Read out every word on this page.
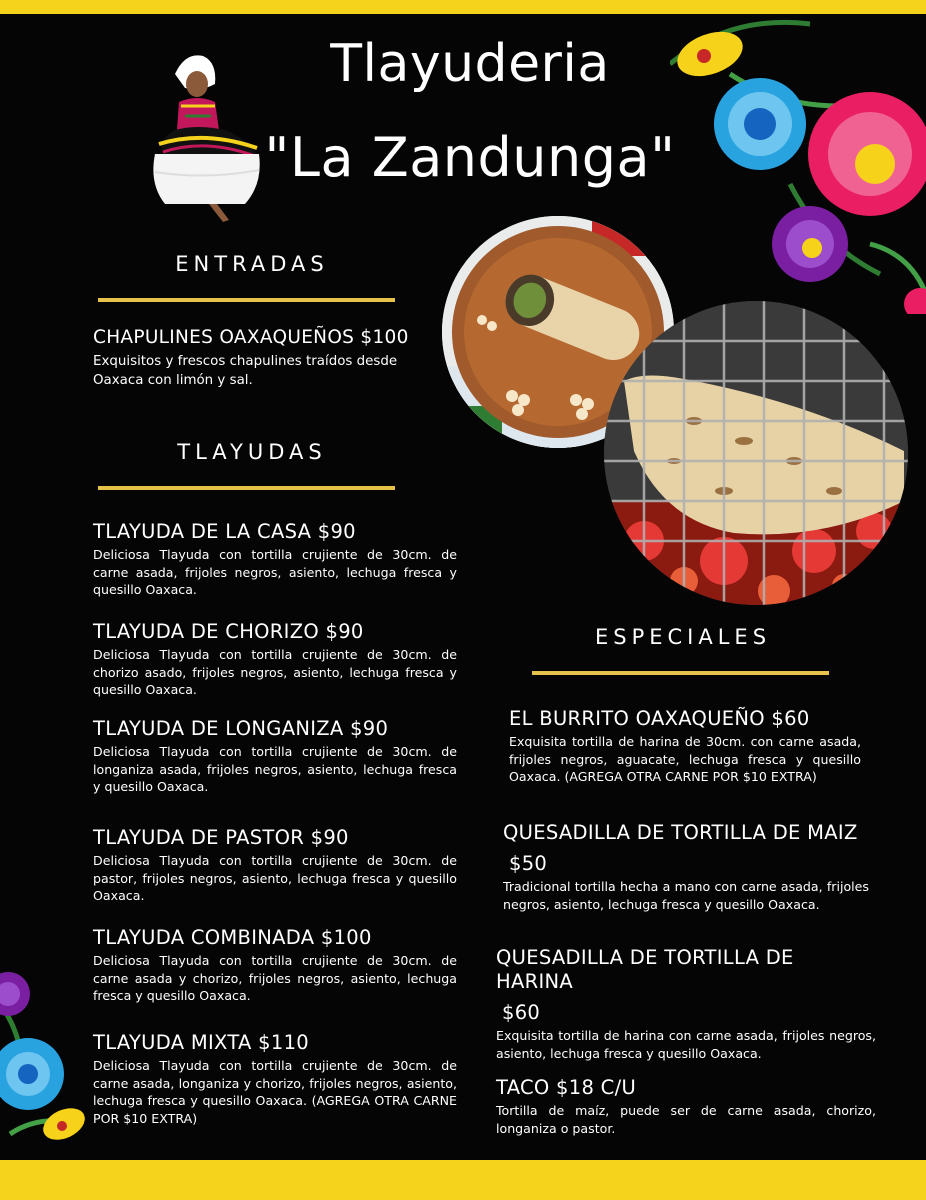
Tlayuderia
"La Zandunga"
ENTRADAS
CHAPULINES OAXAQUEÑOS $100
Exquisitos y frescos chapulines traídos desde Oaxaca con limón y sal.
TLAYUDAS
TLAYUDA DE LA CASA $90
Deliciosa Tlayuda con tortilla crujiente de 30cm. de carne asada, frijoles negros, asiento, lechuga fresca y quesillo Oaxaca.
TLAYUDA DE CHORIZO $90
Deliciosa Tlayuda con tortilla crujiente de 30cm. de chorizo asado, frijoles negros, asiento, lechuga fresca y quesillo Oaxaca.
TLAYUDA DE LONGANIZA $90
Deliciosa Tlayuda con tortilla crujiente de 30cm. de longaniza asada, frijoles negros, asiento, lechuga fresca y quesillo Oaxaca.
TLAYUDA DE PASTOR $90
Deliciosa Tlayuda con tortilla crujiente de 30cm. de pastor, frijoles negros, asiento, lechuga fresca y quesillo Oaxaca.
TLAYUDA COMBINADA $100
Deliciosa Tlayuda con tortilla crujiente de 30cm. de carne asada y chorizo, frijoles negros, asiento, lechuga fresca y quesillo Oaxaca.
TLAYUDA MIXTA $110
Deliciosa Tlayuda con tortilla crujiente de 30cm. de carne asada, longaniza y chorizo, frijoles negros, asiento, lechuga fresca y quesillo Oaxaca. (AGREGA OTRA CARNE POR $10 EXTRA)
ESPECIALES
EL BURRITO OAXAQUEÑO $60
Exquisita tortilla de harina de 30cm. con carne asada, frijoles negros, aguacate, lechuga fresca y quesillo Oaxaca. (AGREGA OTRA CARNE POR $10 EXTRA)
QUESADILLA DE TORTILLA DE MAIZ
$50
Tradicional tortilla hecha a mano con carne asada, frijoles negros, asiento, lechuga fresca y quesillo Oaxaca.
QUESADILLA DE TORTILLA DE HARINA
$60
Exquisita tortilla de harina con carne asada, frijoles negros, asiento, lechuga fresca y quesillo Oaxaca.
TACO $18 C/U
Tortilla de maíz, puede ser de carne asada, chorizo, longaniza o pastor.
